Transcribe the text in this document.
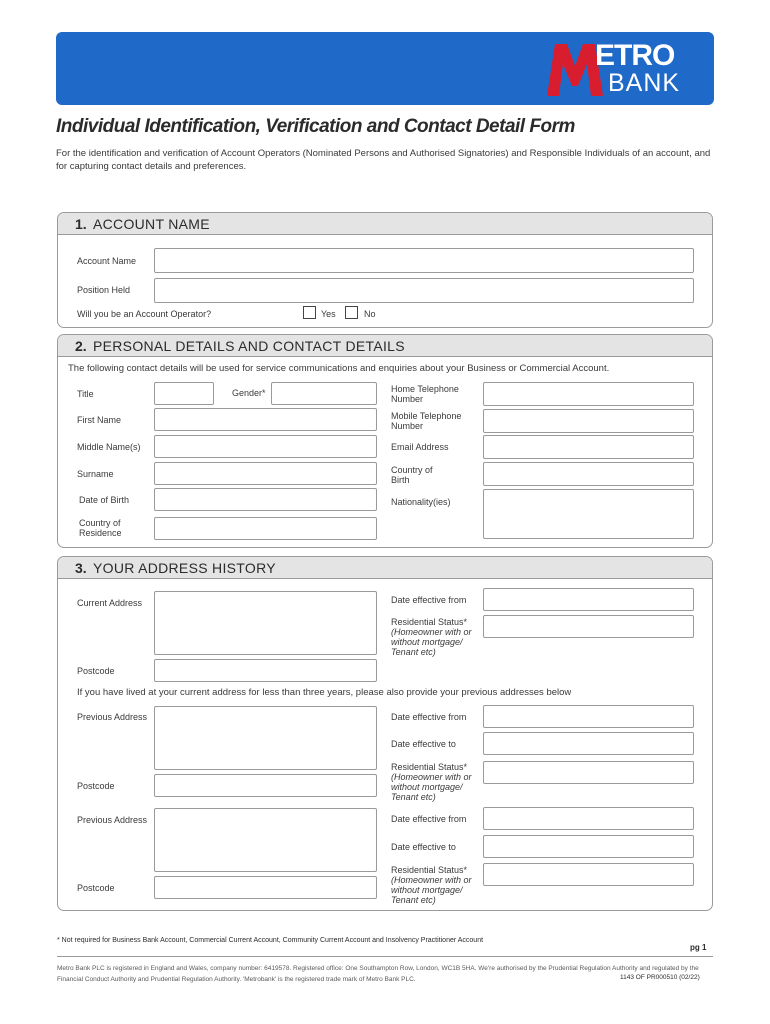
ETRO
BANK
Individual Identification, Verification and Contact Detail Form
For the identification and verification of Account Operators (Nominated Persons and Authorised Signatories) and Responsible Individuals of an account, and for capturing contact details and preferences.
1. ACCOUNT NAME
Account Name
Position Held
Will you be an Account Operator?	Yes	No
2. PERSONAL DETAILS AND CONTACT DETAILS
The following contact details will be used for service communications and enquiries about your Business or Commercial Account.
Title	Gender*	Home Telephone
Number
First Name	Mobile Telephone
Number
Middle Name(s)	Email Address
Surname	Country of
Birth
Date of Birth	Nationality(ies)
Country of
Residence
3. YOUR ADDRESS HISTORY
Current Address	Date effective from
Residential Status*
(Homeowner with or
without mortgage/
Tenant etc)
Postcode
If you have lived at your current address for less than three years, please also provide your previous addresses below
Previous Address	Date effective from
Date effective to
Residential Status*
(Homeowner with or
without mortgage/
Tenant etc)
Postcode
Previous Address	Date effective from
Date effective to
Residential Status*
(Homeowner with or
without mortgage/
Tenant etc)
Postcode
* Not required for Business Bank Account, Commercial Current Account, Community Current Account and Insolvency Practitioner Account
pg 1
Metro Bank PLC is registered in England and Wales, company number: 6419578. Registered office: One Southampton Row, London, WC1B 5HA. We're authorised by the Prudential Regulation Authority and regulated by the Financial Conduct Authority and Prudential Regulation Authority. 'Metrobank' is the registered trade mark of Metro Bank PLC.	1143 OF PR000510 (02/22)
